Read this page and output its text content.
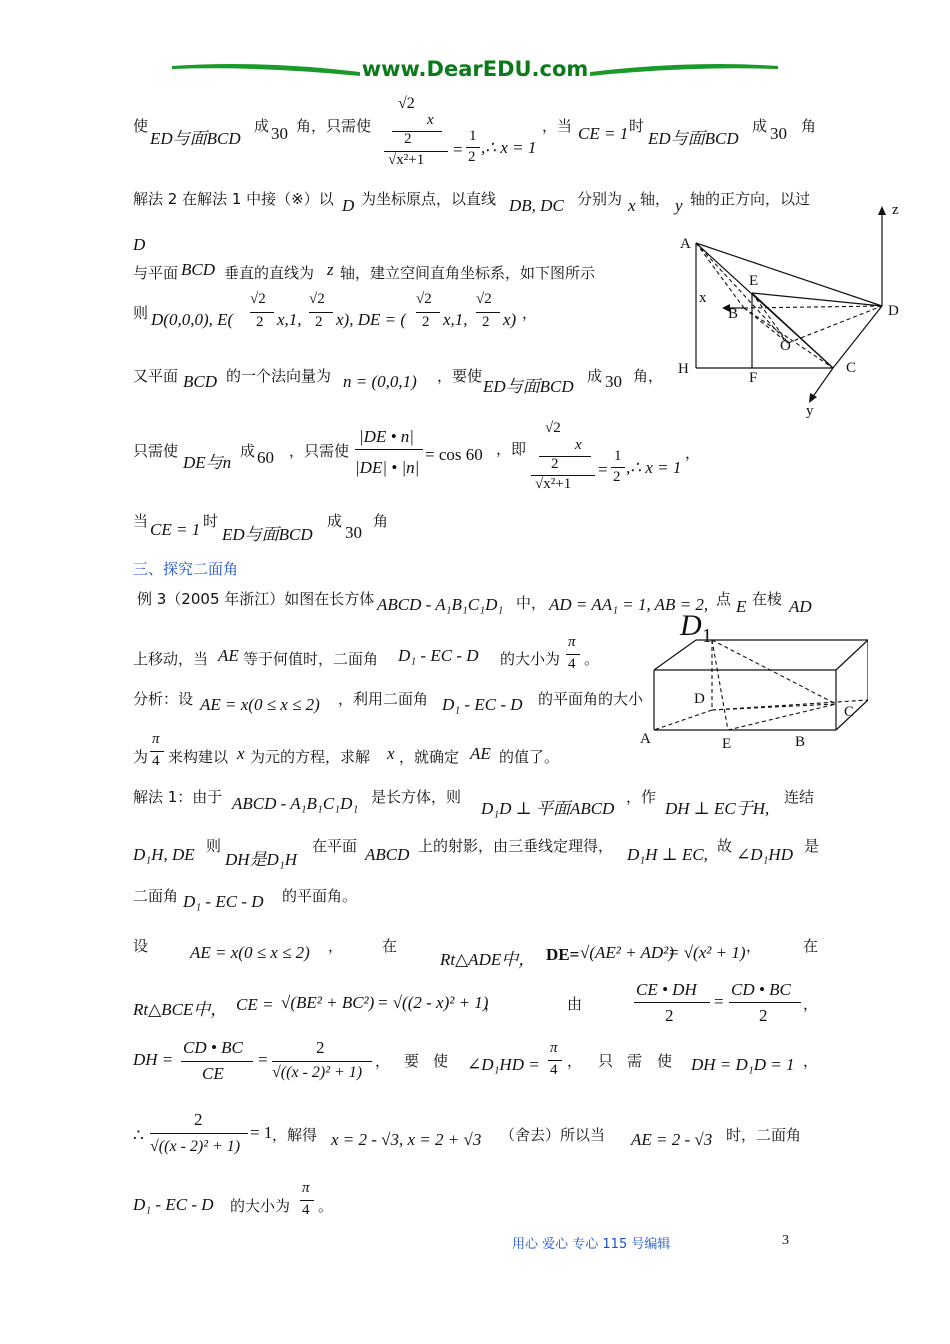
www.DearEDU.com
使
ED与面BCD
成 30 角，只需使
√2
x
2
√x²+1
=
1
2 ,∴ x = 1
，当 CE = 1 时
ED与面BCD
成 30 角
解法 2 在解法 1 中接（※）以 D 为坐标原点，以直线 DB, DC 分别为 x 轴， y 轴的正方向，以过
D
与平面 BCD 垂直的直线为 z 轴，建立空间直角坐标系，如下图所示
则 D(0,0,0), E(
√2
2 x,1,
√2
2 x), DE = (
√2
2 x,1,
√2
2 x) ，
又平面 BCD 的一个法向量为 n = (0,0,1) ，要使
ED与面BCD
成 30 角，
只需使
DE与n
成 60 ，只需使
|DE • n|
|DE| • |n|
= cos 60 ，即
√2
x
2
√x²+1
=
1
2 ,∴ x = 1
，
当 CE = 1 时
ED与面BCD
成
30
角
三、探究二面角
例 3（2005 年浙江）如图在长方体 ABCD - A₁B₁C₁D₁ 中， AD = AA₁ = 1, AB = 2, 点 E 在棱 AD
上移动，当 AE 等于何值时，二面角 D₁ - EC - D 的大小为
π
4 。
分析：设 AE = x(0 ≤ x ≤ 2) ，利用二面角 D₁ - EC - D 的平面角的大小
为
π
4 来构建以 x 为元的方程，求解 x ，就确定 AE 的值了。
解法 1：由于 ABCD - A₁B₁C₁D₁ 是长方体，则
D₁D ⊥ 平面ABCD
，作
DH ⊥ EC于H,
连结
D₁H, DE 则
DH是D₁H
在平面 ABCD 上的射影，由三垂线定理得， D₁H ⊥ EC, 故 ∠D₁HD 是
二面角 D₁ - EC - D 的平面角。
设 AE = x(0 ≤ x ≤ 2) ，	在
Rt△ADE中， DE= √(AE² + AD²)
= √(x² + 1) ，	在
Rt△BCE中， CE = √(BE² + BC²) = √((2 - x)² + 1)
，	由
CE • DH
2
=
CD • BC
2
，
DH =
CD • BC
CE
=
2
√((x - 2)² + 1)
， 要 使 ∠D₁HD =
π
4 ， 只 需 使 DH = D₁D = 1 ，
∴
2
√((x - 2)² + 1)
= 1 ，解得 x = 2 - √3, x = 2 + √3 （舍去）所以当 AE = 2 - √3 时，二面角
D₁ - EC - D 的大小为
π
4 。
z
A
E
x
B	D
O
H
F
C
y
D 1
D
C
A	E	B
用心 爱心 专心 115 号编辑	3
